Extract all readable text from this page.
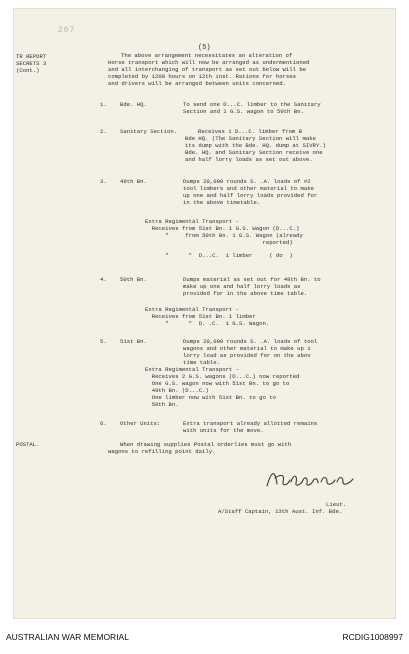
207
(5)
TR REPORT
SECRETS 3
(Cont.)
The above arrangement necessitates an alteration of
Horse transport which will now be arranged as undermentioned
and all interchanging of transport as set out below will be
completed by 1200 hours on 12th inst. Rations for horses
and drivers will be arranged between units concerned.
1. Bde. HQ.	To send one D...C. limber to the Sanitary
Section and 1 G.S. wagon to 50th Bn.
2. Sanitary Section.	Receives 1 D...C. limber from B
Bde HQ. (The Sanitary Section will make
its dump with the Bde. HQ. dump at SIVRY.)
Bde. HQ. and Sanitary Section receive one
and half lorry loads as set out above.
3. 49th Bn.	Dumps 20,000 rounds S. .A. loads of #2
tool limbers and other material to make
up one and half lorry loads provided for
in the above timetable.
Extra Regimental Transport -
Receives from 51st Bn. 1 G.S. Wagon (D...C.)
"     from 50th Bn. 1 G.S. Wagon (already
reported)
"      "  D...C.  1 limber     ( do  )
4. 50th Bn.	Dumps material as set out for 49th Bn. to
make up one and half lorry loads as
provided for in the above time table.
Extra Regimental Transport -
Receives from 51st Bn. 1 limber
"      "  D. .C.  1 G.S. Wagon.
5. 51st Bn.	Dumps 20,000 rounds S. .A. loads of tool
wagons and other material to make up 1
lorry load as provided for on the abov
time table.
Extra Regimental Transport -
Receives 2 G.S. wagons (D...C.) now reported
One G.S. wagon now with 51st Bn. to go to
49th Bn. (D...C.)
One limber now with 51st Bn. to go to
50th Bn.
6. Other Units:	Extra transport already allotted remains
with units for the move.
POSTAL.	When drawing supplies Postal orderlies must go with
wagons to refilling point daily.
Lieut.
A/Staff Captain, 13th Aust. Inf. Bde.
AUSTRALIAN WAR MEMORIAL	RCDIG1008997
